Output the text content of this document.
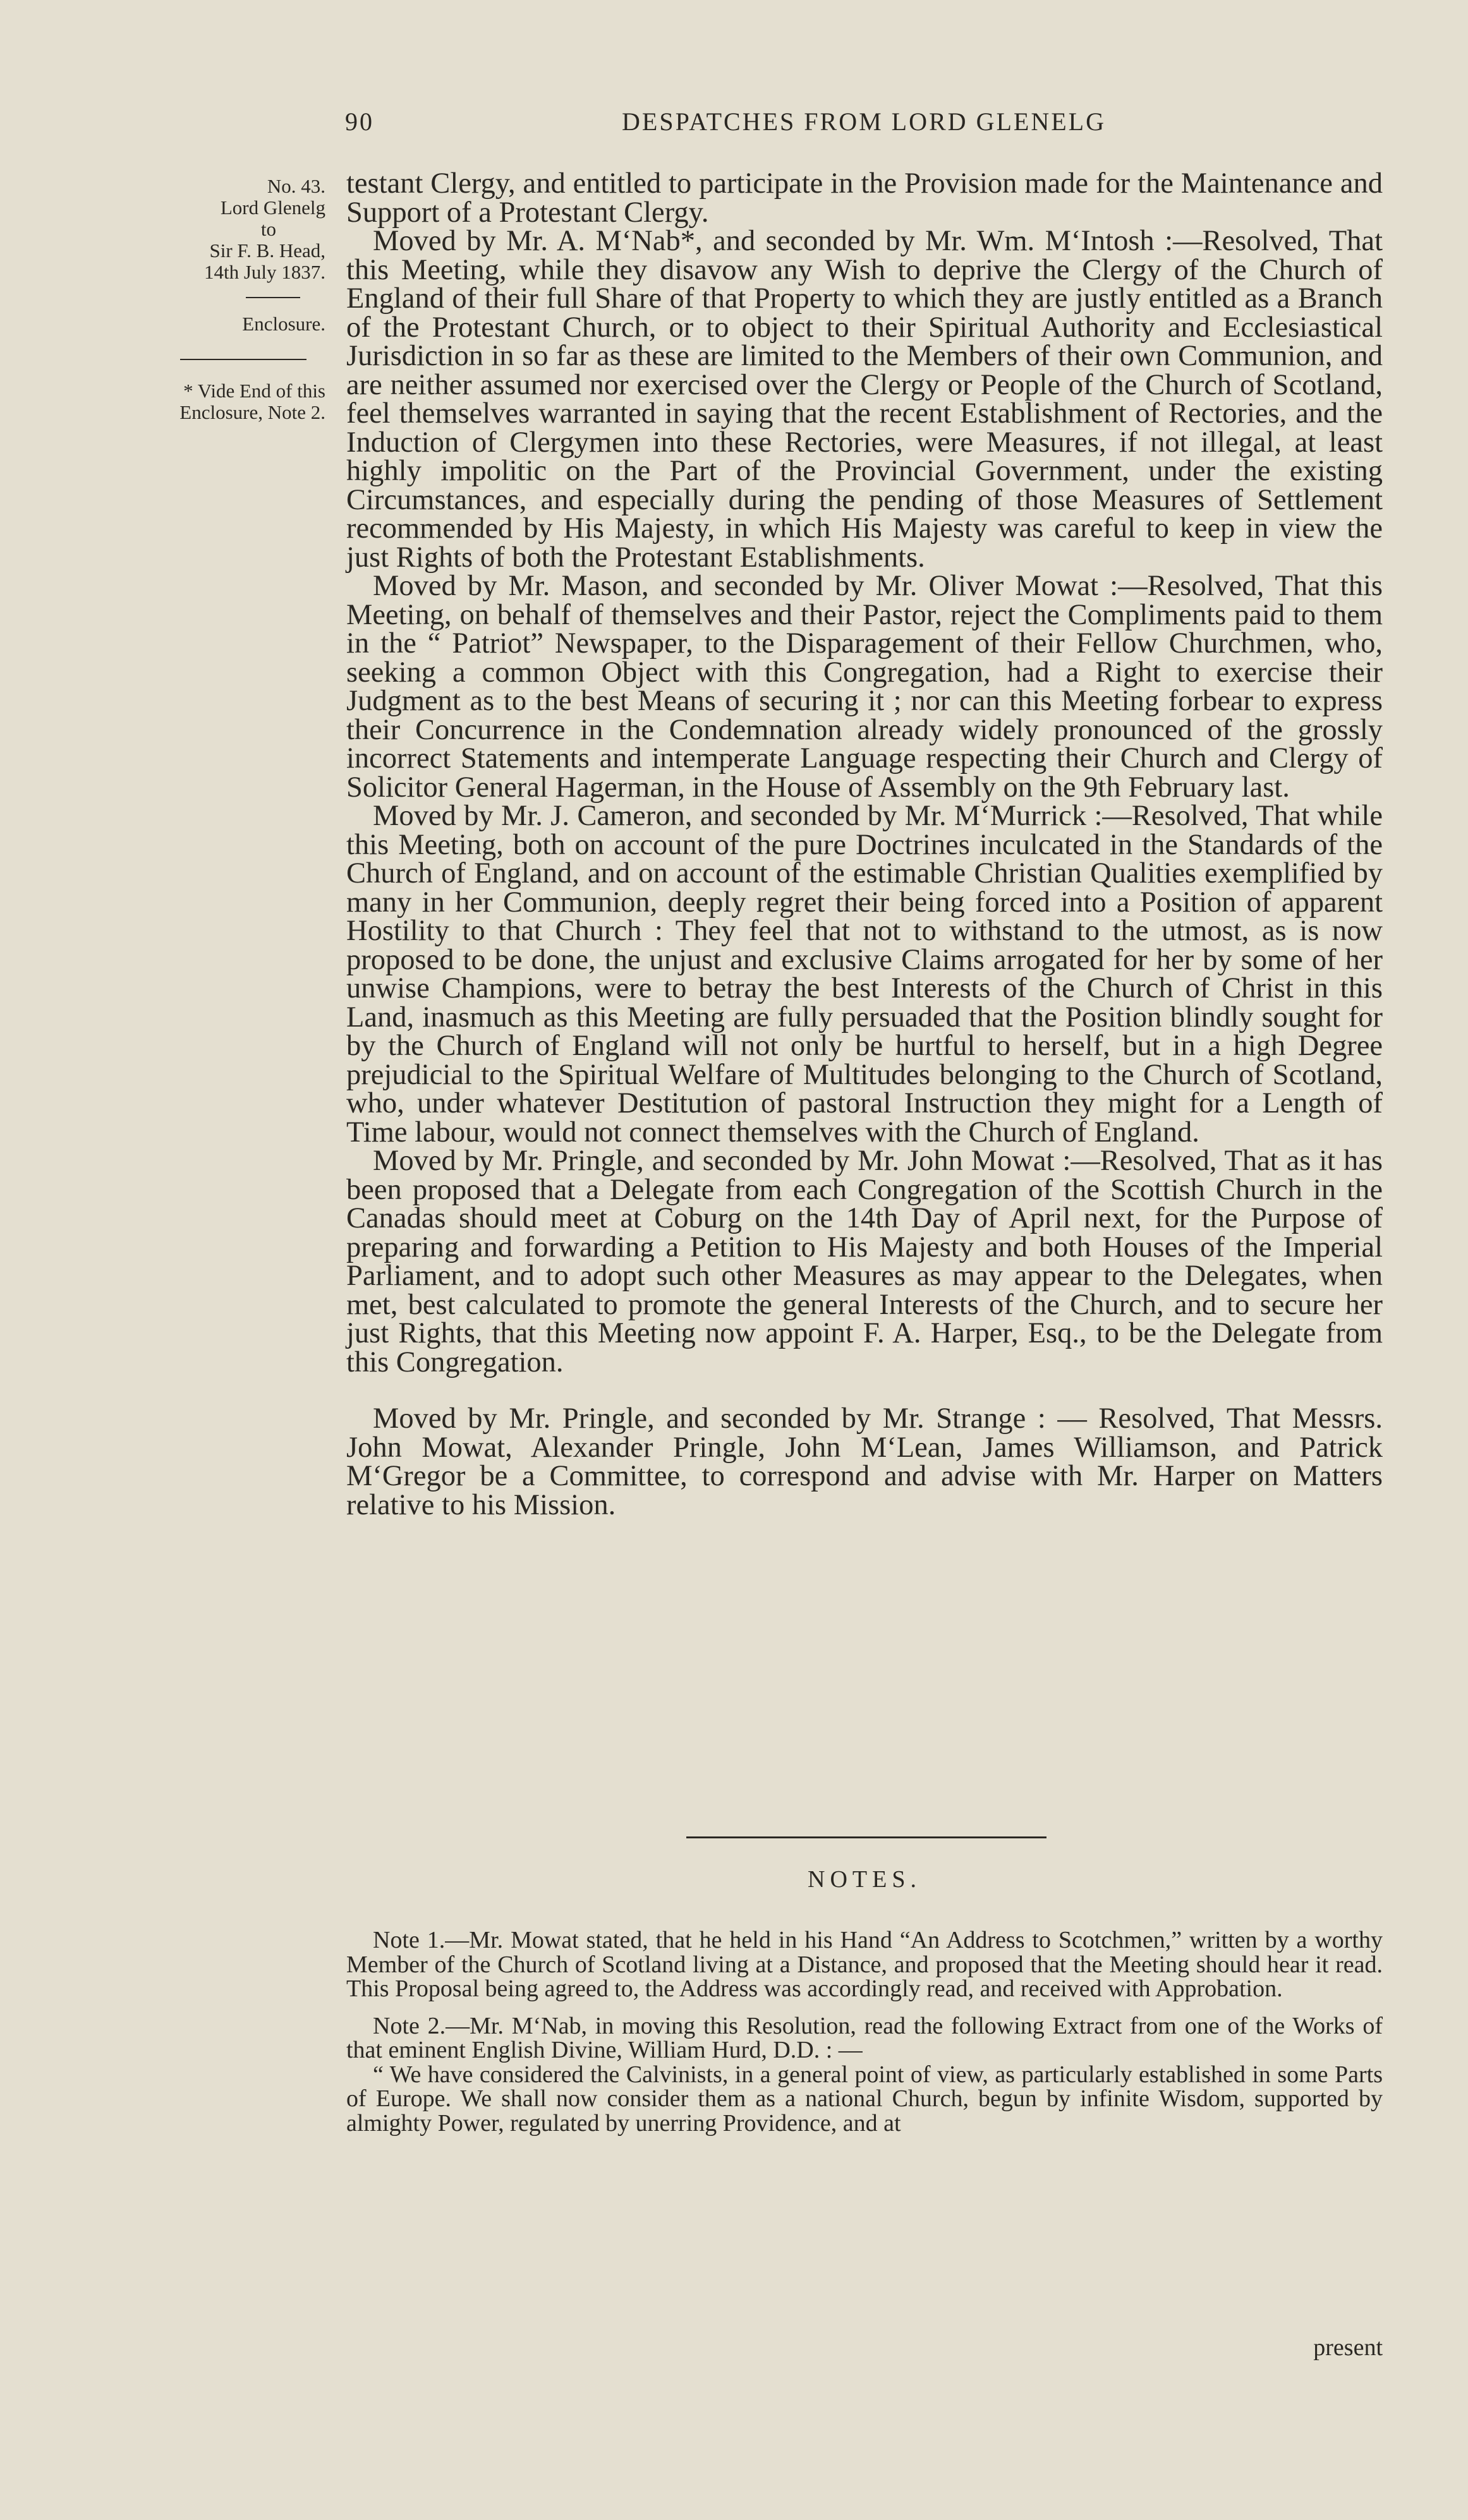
90	DESPATCHES FROM LORD GLENELG
No. 43.
Lord Glenelg
to
Sir F. B. Head,
14th July 1837.
Enclosure.
* Vide End of this
Enclosure, Note 2.

testant Clergy, and entitled to participate in the Provision made for the Maintenance and Support of a Protestant Clergy.

Moved by Mr. A. M‘Nab*, and seconded by Mr. Wm. M‘Intosh :—Resolved, That this Meeting, while they disavow any Wish to deprive the Clergy of the Church of England of their full Share of that Property to which they are justly entitled as a Branch of the Protestant Church, or to object to their Spiritual Authority and Ecclesiastical Jurisdiction in so far as these are limited to the Members of their own Communion, and are neither assumed nor exercised over the Clergy or People of the Church of Scotland, feel themselves warranted in saying that the recent Establishment of Rectories, and the Induction of Clergymen into these Rectories, were Measures, if not illegal, at least highly impolitic on the Part of the Provincial Government, under the existing Circumstances, and especially during the pending of those Measures of Settlement recommended by His Majesty, in which His Majesty was careful to keep in view the just Rights of both the Protestant Establishments.

Moved by Mr. Mason, and seconded by Mr. Oliver Mowat :—Resolved, That this Meeting, on behalf of themselves and their Pastor, reject the Compliments paid to them in the “ Patriot” Newspaper, to the Disparagement of their Fellow Churchmen, who, seeking a common Object with this Congregation, had a Right to exercise their Judgment as to the best Means of securing it ; nor can this Meeting forbear to express their Concurrence in the Condemnation already widely pronounced of the grossly incorrect Statements and intemperate Language respecting their Church and Clergy of Solicitor General Hagerman, in the House of Assembly on the 9th February last.

Moved by Mr. J. Cameron, and seconded by Mr. M‘Murrick :—Resolved, That while this Meeting, both on account of the pure Doctrines inculcated in the Standards of the Church of England, and on account of the estimable Christian Qualities exemplified by many in her Communion, deeply regret their being forced into a Position of apparent Hostility to that Church : They feel that not to withstand to the utmost, as is now proposed to be done, the unjust and exclusive Claims arrogated for her by some of her unwise Champions, were to betray the best Interests of the Church of Christ in this Land, inasmuch as this Meeting are fully persuaded that the Position blindly sought for by the Church of England will not only be hurtful to herself, but in a high Degree prejudicial to the Spiritual Welfare of Multitudes belonging to the Church of Scotland, who, under whatever Destitution of pastoral Instruction they might for a Length of Time labour, would not connect themselves with the Church of England.

Moved by Mr. Pringle, and seconded by Mr. John Mowat :—Resolved, That as it has been proposed that a Delegate from each Congregation of the Scottish Church in the Canadas should meet at Coburg on the 14th Day of April next, for the Purpose of preparing and forwarding a Petition to His Majesty and both Houses of the Imperial Parliament, and to adopt such other Measures as may appear to the Delegates, when met, best calculated to promote the general Interests of the Church, and to secure her just Rights, that this Meeting now appoint F. A. Harper, Esq., to be the Delegate from this Congregation.

Moved by Mr. Pringle, and seconded by Mr. Strange : — Resolved, That Messrs. John Mowat, Alexander Pringle, John M‘Lean, James Williamson, and Patrick M‘Gregor be a Committee, to correspond and advise with Mr. Harper on Matters relative to his Mission.

NOTES.

Note 1.—Mr. Mowat stated, that he held in his Hand “An Address to Scotchmen,” written by a worthy Member of the Church of Scotland living at a Distance, and proposed that the Meeting should hear it read. This Proposal being agreed to, the Address was accordingly read, and received with Approbation.

Note 2.—Mr. M‘Nab, in moving this Resolution, read the following Extract from one of the Works of that eminent English Divine, William Hurd, D.D. : —

“ We have considered the Calvinists, in a general point of view, as particularly established in some Parts of Europe. We shall now consider them as a national Church, begun by infinite Wisdom, supported by almighty Power, regulated by unerring Providence, and at

present
